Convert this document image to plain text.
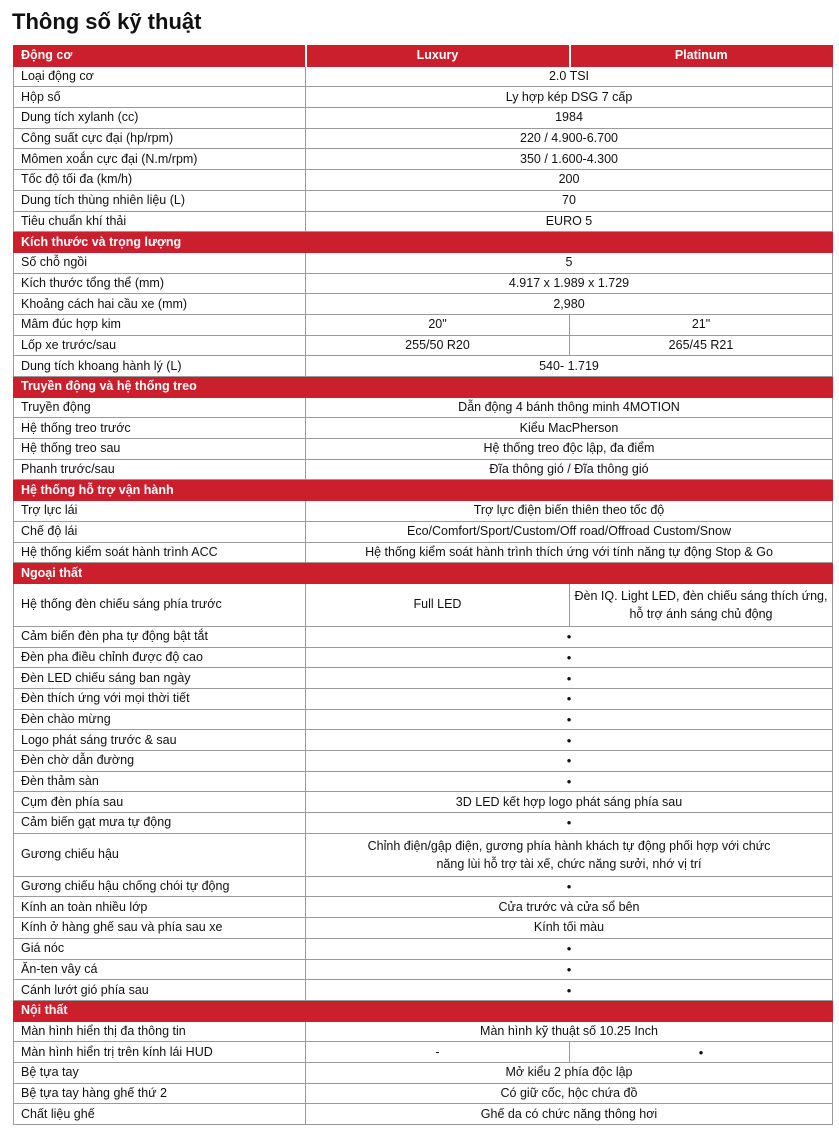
Thông số kỹ thuật
Động cơ	Luxury	Platinum
Loại động cơ	2.0 TSI	
Hộp số	Ly hợp kép DSG 7 cấp	
Dung tích xylanh (cc)	1984	
Công suất cực đại (hp/rpm)	220 / 4.900-6.700	
Mômen xoắn cực đại (N.m/rpm)	350 / 1.600-4.300	
Tốc độ tối đa (km/h)	200	
Dung tích thùng nhiên liệu (L)	70	
Tiêu chuẩn khí thải	EURO 5	
Kích thước và trọng lượng		
Số chỗ ngồi	5	
Kích thước tổng thể (mm)	4.917 x 1.989 x 1.729	
Khoảng cách hai cầu xe (mm)	2,980	
Mâm đúc hợp kim	20"	21"
Lốp xe trước/sau	255/50 R20	265/45 R21
Dung tích khoang hành lý (L)	540- 1.719	
Truyền động và hệ thống treo		
Truyền động	Dẫn động 4 bánh thông minh 4MOTION	
Hệ thống treo trước	Kiểu MacPherson	
Hệ thống treo sau	Hệ thống treo độc lập, đa điểm	
Phanh trước/sau	Đĩa thông gió / Đĩa thông gió	
Hệ thống hỗ trợ vận hành		
Trợ lực lái	Trợ lực điện biến thiên theo tốc độ	
Chế độ lái	Eco/Comfort/Sport/Custom/Off road/Offroad Custom/Snow	
Hệ thống kiểm soát hành trình ACC	Hệ thống kiểm soát hành trình thích ứng với tính năng tự động Stop & Go	
Ngoại thất		
Hệ thống đèn chiếu sáng phía trước	Full LED	Đèn IQ. Light LED, đèn chiếu sáng thích ứng, hỗ trợ ánh sáng chủ động
Cảm biến đèn pha tự động bật tắt	•	
Đèn pha điều chỉnh được độ cao	•	
Đèn LED chiếu sáng ban ngày	•	
Đèn thích ứng với mọi thời tiết	•	
Đèn chào mừng	•	
Logo phát sáng trước & sau	•	
Đèn chờ dẫn đường	•	
Đèn thảm sàn	•	
Cụm đèn phía sau	3D LED kết hợp logo phát sáng phía sau	
Cảm biến gạt mưa tự động	•	
Gương chiếu hậu	Chỉnh điện/gập điện, gương phía hành khách tự động phối hợp với chức năng lùi hỗ trợ tài xế, chức năng sưởi, nhớ vị trí	
Gương chiếu hậu chống chói tự động	•	
Kính an toàn nhiều lớp	Cửa trước và cửa sổ bên	
Kính ở hàng ghế sau và phía sau xe	Kính tối màu	
Giá nóc	•	
Ăn-ten vây cá	•	
Cánh lướt gió phía sau	•	
Nội thất		
Màn hình hiển thị đa thông tin	Màn hình kỹ thuật số 10.25 Inch	
Màn hình hiển trị trên kính lái HUD	-	•
Bệ tựa tay	Mở kiểu 2 phía độc lập	
Bệ tựa tay hàng ghế thứ 2	Có giữ cốc, hộc chứa đồ	
Chất liệu ghế	Ghế da có chức năng thông hơi	
